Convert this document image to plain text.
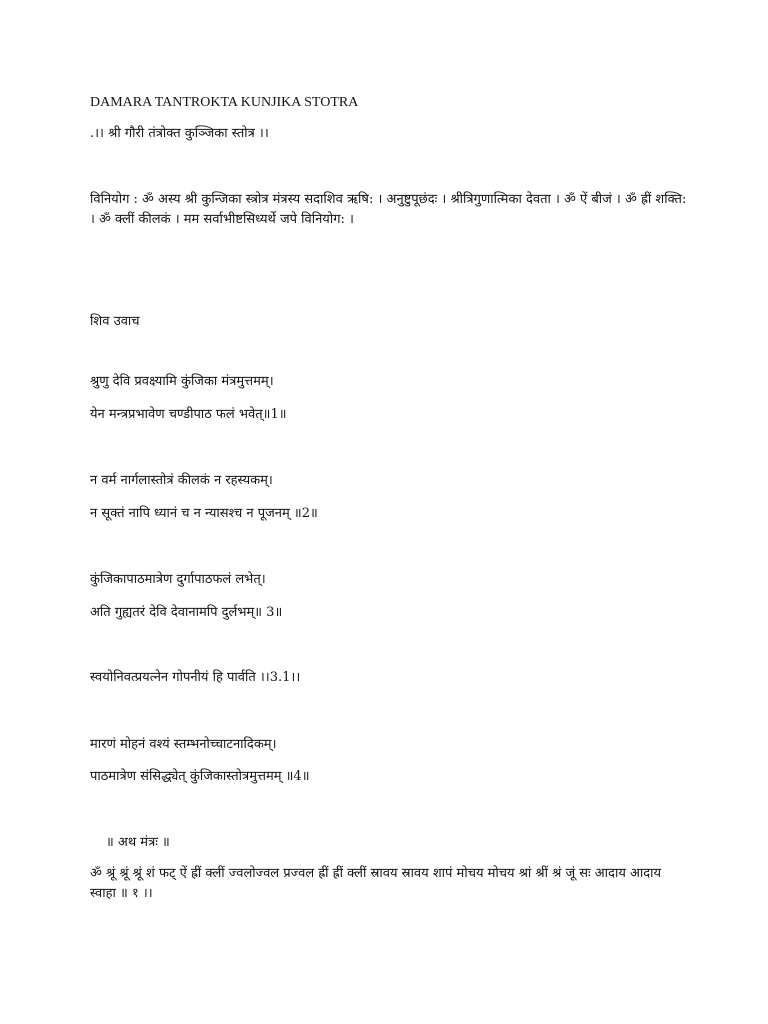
DAMARA TANTROKTA KUNJIKA STOTRA
.।। श्री गौरी तंत्रोक्त कुञ्जिका स्तोत्र ।।
विनियोग : ॐ अस्य श्री कुन्जिका स्त्रोत्र मंत्रस्य सदाशिव ऋषि: । अनुष्टुपूछंदः । श्रीत्रिगुणात्मिका देवता । ॐ ऐं बीजं । ॐ ह्रीं शक्ति: । ॐ क्लीं कीलकं । मम सर्वाभीष्टसिध्यर्थे जपे विनियोग: ।
शिव उवाच
श्रुणु देवि प्रवक्ष्यामि कुंजिका मंत्रमुत्तमम्।
येन मन्त्रप्रभावेण चण्डीपाठ फलं भवेत्॥1॥
न वर्म नार्गलास्तोत्रं कीलकं न रहस्यकम्।
न सूक्तं नापि ध्यानं च न न्यासश्च न पूजनम् ॥2॥
कुंजिकापाठमात्रेण दुर्गापाठफलं लभेत्।
अति गुह्यतरं देवि देवानामपि दुर्लभम्॥ 3॥
स्वयोनिवत्प्रयत्नेन गोपनीयं हि पार्वति ।।3.1।।
मारणं मोहनं वश्यं स्तम्भनोच्चाटनादिकम्।
पाठमात्रेण संसिद्ध्येत् कुंजिकास्तोत्रमुत्तमम् ॥4॥
॥ अथ मंत्रः ॥
ॐ श्रूं श्रूं श्रूं शं फट् ऐं ह्रीं क्लीं ज्वलोज्वल प्रज्वल ह्रीं ह्रीं क्लीं स्रावय स्रावय शापं मोचय मोचय श्रां श्रीं श्रं जूं सः आदाय आदाय स्वाहा ॥ १ ।।
